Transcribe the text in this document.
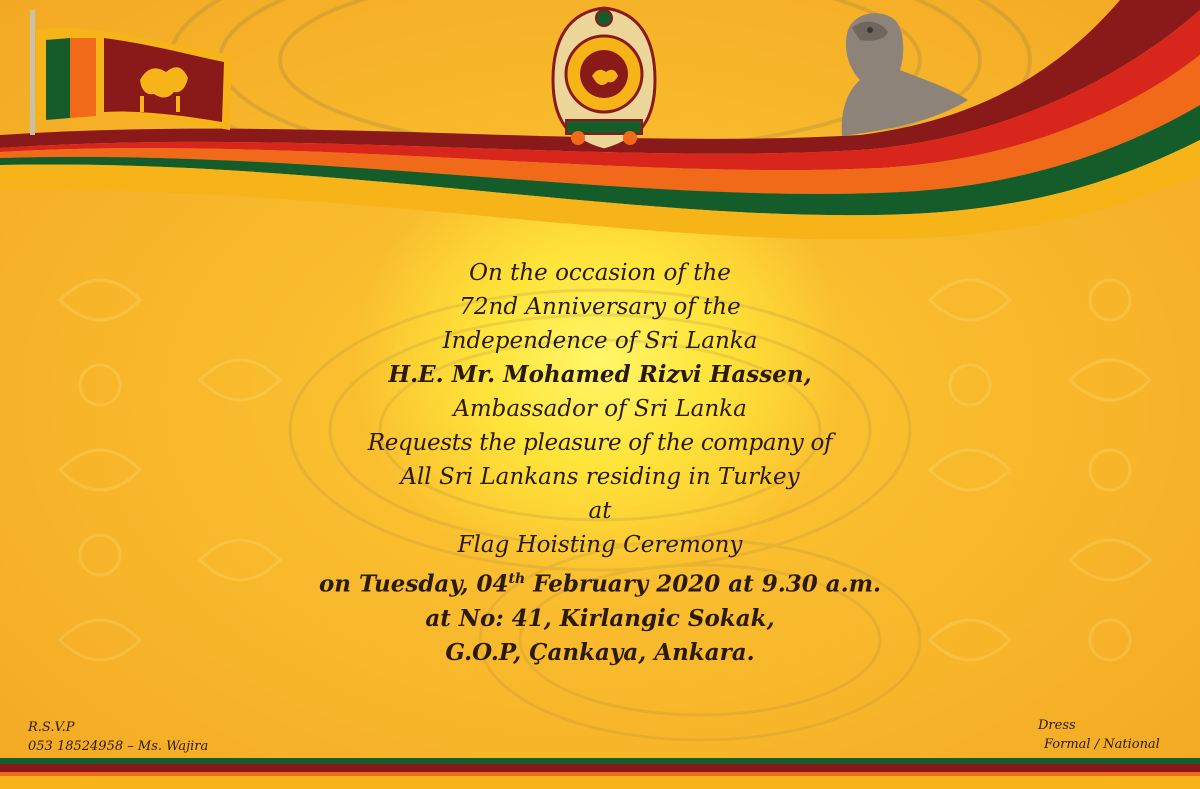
On the occasion of the
72nd Anniversary of the
Independence of Sri Lanka
H.E. Mr. Mohamed Rizvi Hassen,
Ambassador of Sri Lanka
Requests the pleasure of the company of
All Sri Lankans residing in Turkey
at
Flag Hoisting Ceremony
on Tuesday, 04th February 2020 at 9.30 a.m.
at No: 41, Kirlangic Sokak,
G.O.P, Çankaya, Ankara.
R.S.V.P
053 18524958 – Ms. Wajira
Dress
Formal / National
